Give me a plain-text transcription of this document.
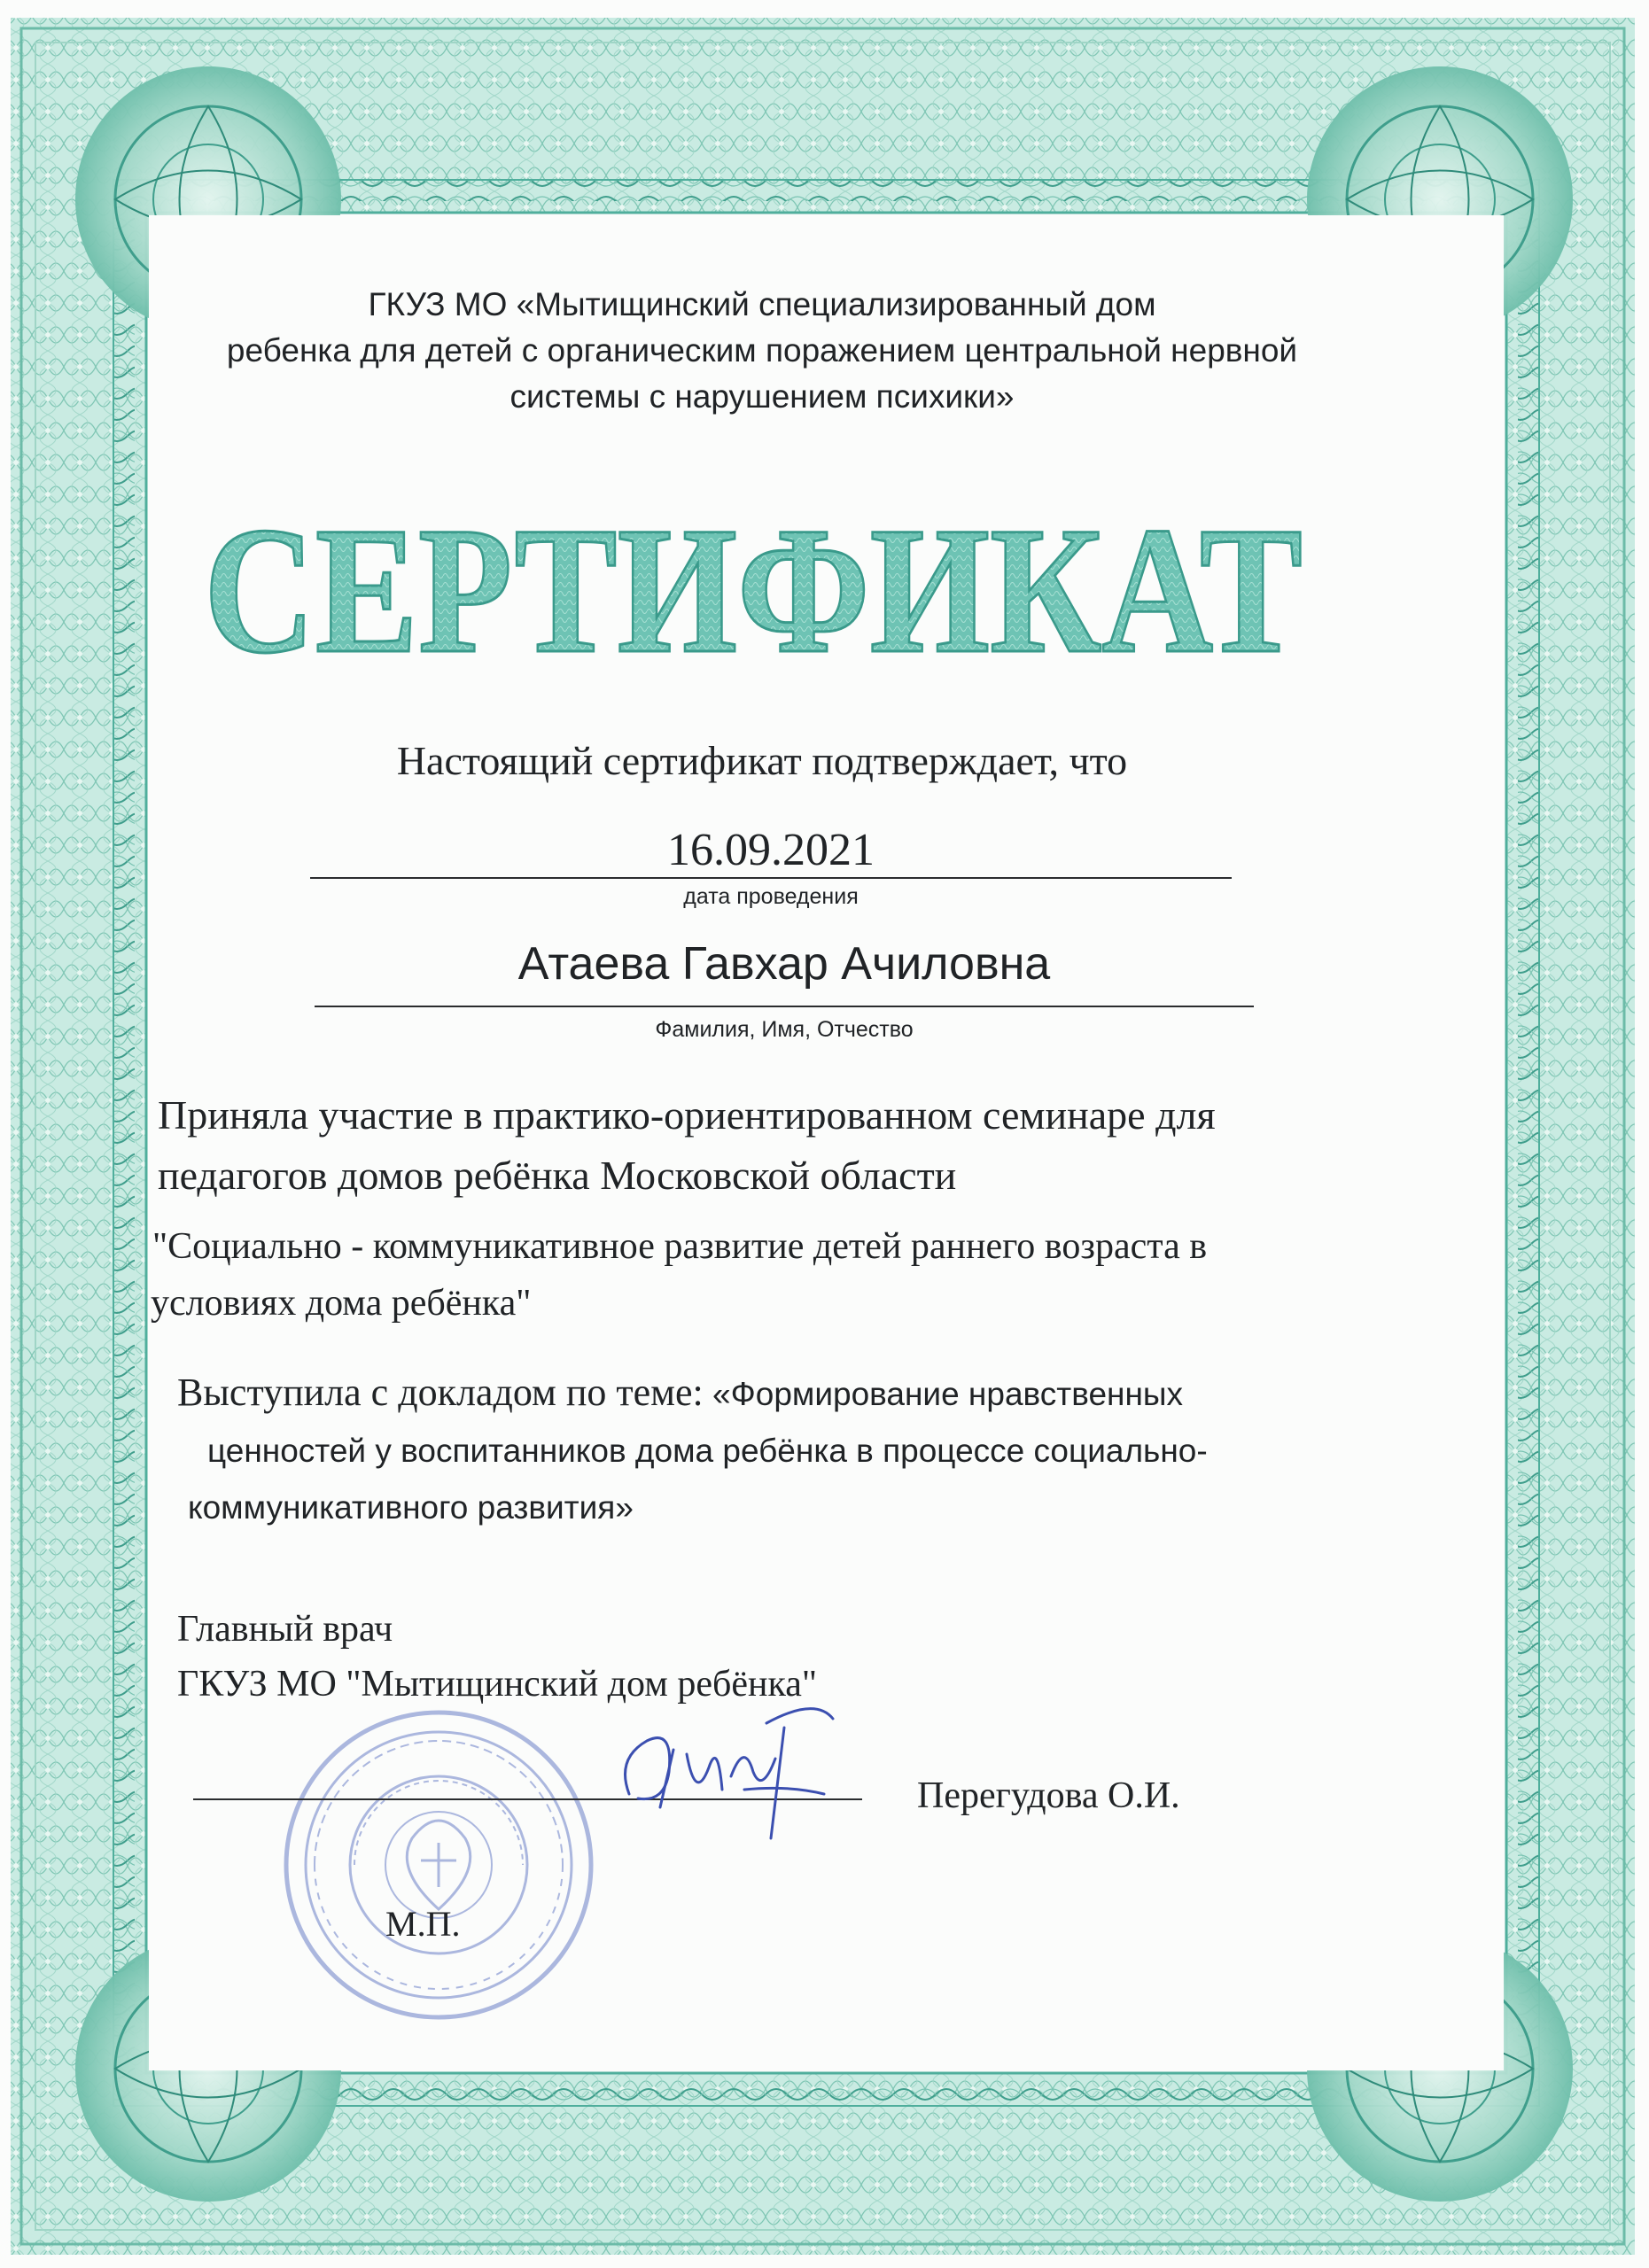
ГКУЗ МО «Мытищинский специализированный дом
ребенка для детей с органическим поражением центральной нервной
системы с нарушением психики»
СЕРТИФИКАТ
Настоящий сертификат подтверждает, что
16.09.2021
дата проведения
Атаева Гавхар Ачиловна
Фамилия, Имя, Отчество
Приняла участие в практико-ориентированном семинаре для
педагогов домов ребёнка Московской области
"Социально - коммуникативное развитие детей раннего возраста в
условиях дома ребёнка"
Выступила с докладом по теме: «Формирование нравственных
ценностей у воспитанников дома ребёнка в процессе социально-
коммуникативного развития»
Главный врач
ГКУЗ МО "Мытищинский дом ребёнка"
Перегудова О.И.
М.П.
